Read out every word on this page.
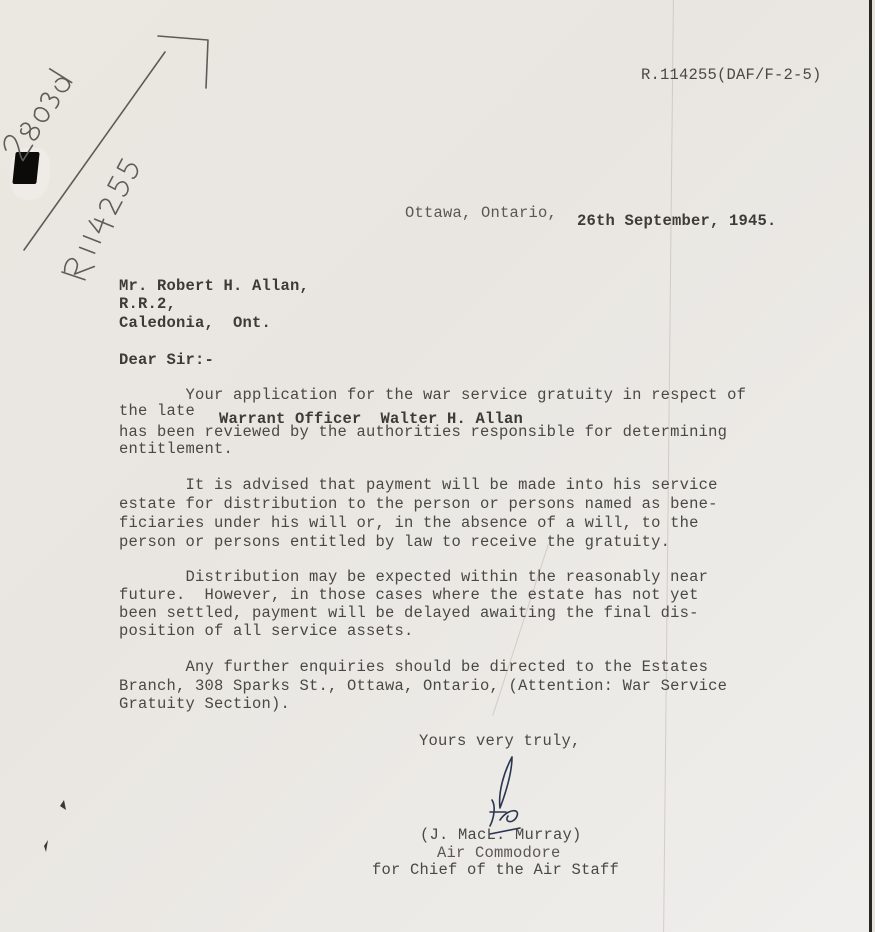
R.114255(DAF/F-2-5)
Ottawa, Ontario, 26th September, 1945.
Mr. Robert H. Allan,
R.R.2,
Caledonia,  Ont.
Dear Sir:-
Your application for the war service gratuity in respect of
the late Warrant Officer  Walter H. Allan
has been reviewed by the authorities responsible for determining
entitlement.
It is advised that payment will be made into his service
estate for distribution to the person or persons named as bene-
ficiaries under his will or, in the absence of a will, to the
person or persons entitled by law to receive the gratuity.
Distribution may be expected within the reasonably near
future.  However, in those cases where the estate has not yet
been settled, payment will be delayed awaiting the final dis-
position of all service assets.
Any further enquiries should be directed to the Estates
Branch, 308 Sparks St., Ottawa, Ontario, (Attention: War Service
Gratuity Section).
Yours very truly,
(J. MacL. Murray)
Air Commodore
for Chief of the Air Staff
